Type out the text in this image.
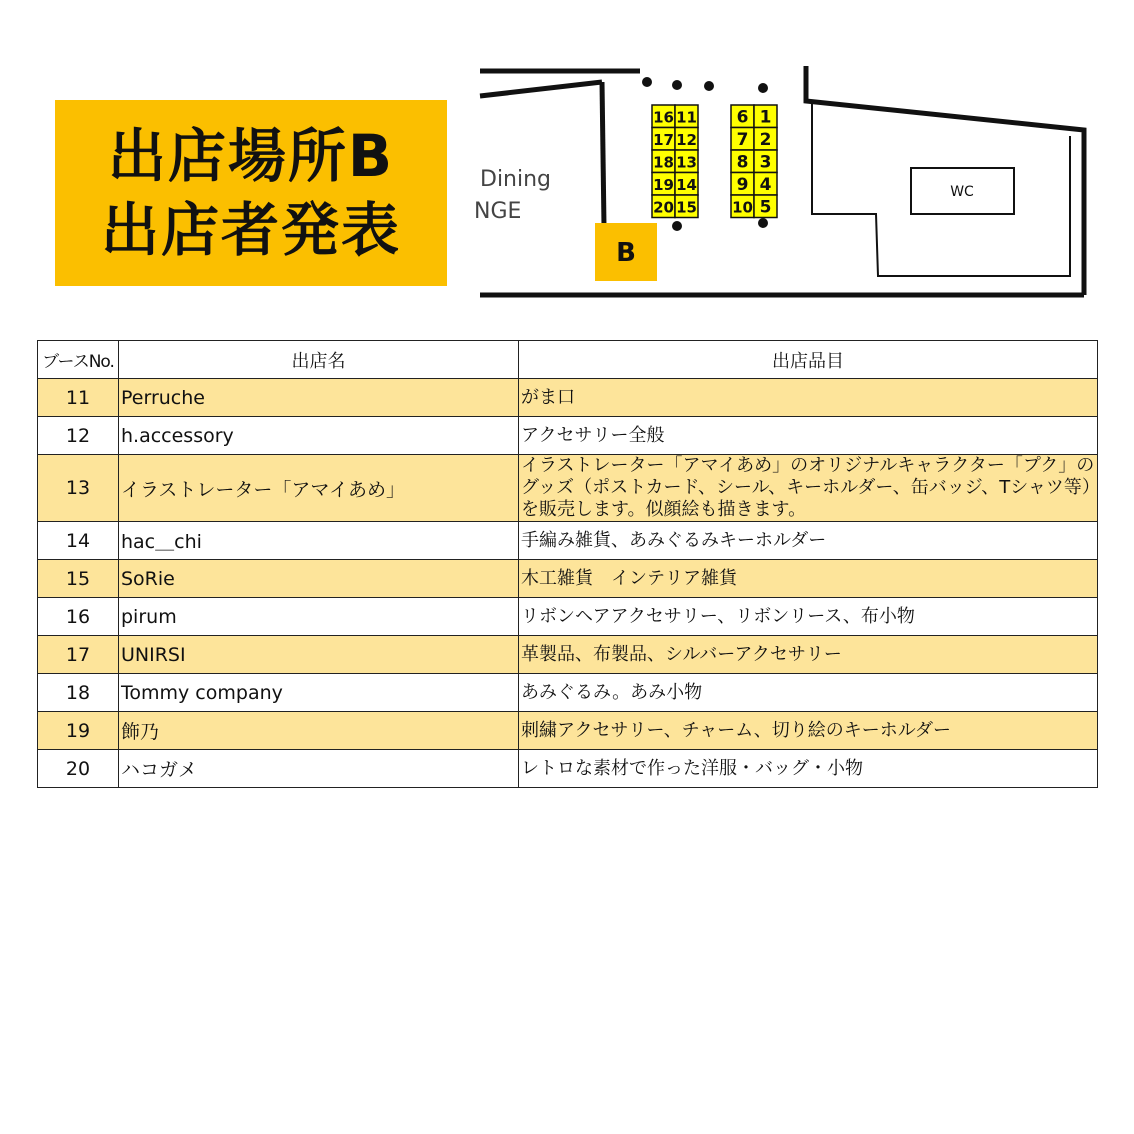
出店場所B
出店者発表
WC
Dining
NGE
B
16
17
18
19
20
11
12
13
14
15
6
7
8
9
10
1
2
3
4
5
ブースNo.	出店名	出店品目
11	Perruche	がま口
12	h.accessory	アクセサリー全般
13	イラストレーター「アマイあめ」	イラストレーター「アマイあめ」のオリジナルキャラクター「プク」のグッズ（ポストカード、シール、キーホルダー、缶バッジ、Tシャツ等）を販売します。似顔絵も描きます。
14	hac＿chi	手編み雑貨、あみぐるみキーホルダー
15	SoRie	木工雑貨　インテリア雑貨
16	pirum	リボンヘアアクセサリー、リボンリース、布小物
17	UNIRSI	革製品、布製品、シルバーアクセサリー
18	Tommy company	あみぐるみ。あみ小物
19	飾乃	刺繍アクセサリー、チャーム、切り絵のキーホルダー
20	ハコガメ	レトロな素材で作った洋服・バッグ・小物
